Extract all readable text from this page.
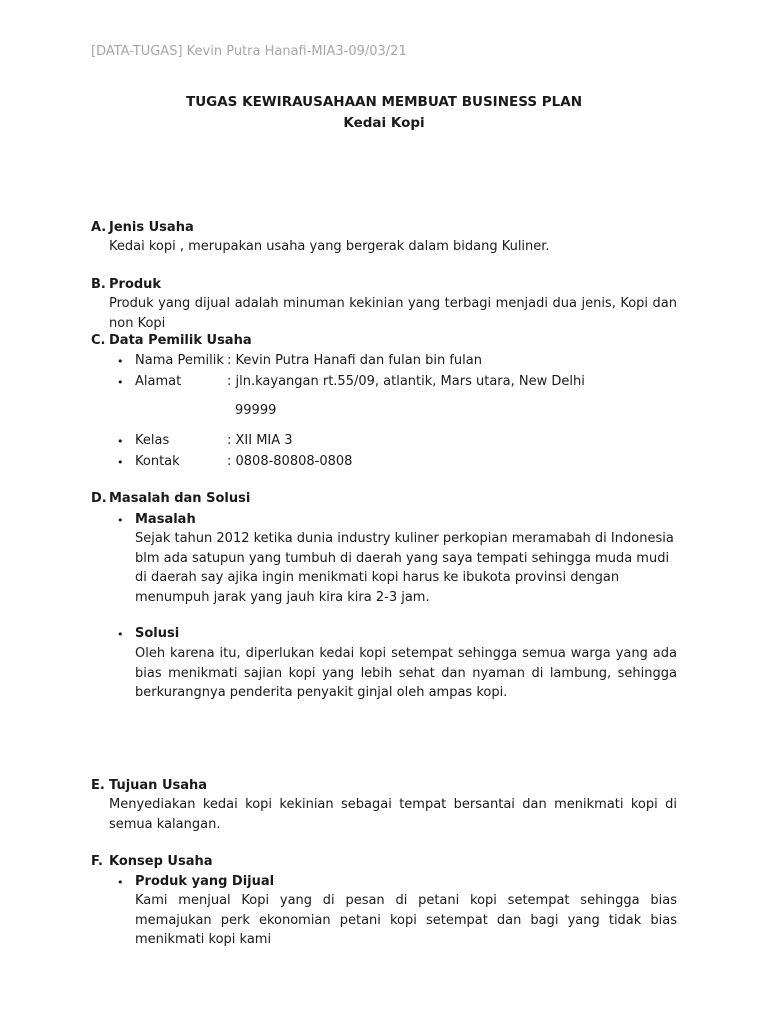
[DATA-TUGAS] Kevin Putra Hanafi-MIA3-09/03/21
TUGAS KEWIRAUSAHAAN MEMBUAT BUSINESS PLAN
Kedai Kopi
A. Jenis Usaha
Kedai kopi , merupakan usaha yang bergerak dalam bidang Kuliner.
B. Produk
Produk yang dijual adalah minuman kekinian yang terbagi menjadi dua jenis, Kopi dan non Kopi
C. Data Pemilik Usaha
• Nama Pemilik : Kevin Putra Hanafi dan fulan bin fulan
• Alamat	: jln.kayangan rt.55/09, atlantik, Mars utara, New Delhi
99999
• Kelas	: XII MIA 3
• Kontak	: 0808-80808-0808
D. Masalah dan Solusi
• Masalah
Sejak tahun 2012 ketika dunia industry kuliner perkopian meramabah di Indonesia blm ada satupun yang tumbuh di daerah yang saya tempati sehingga muda mudi di daerah say ajika ingin menikmati kopi harus ke ibukota provinsi dengan menumpuh jarak yang jauh kira kira 2-3 jam.
• Solusi
Oleh karena itu, diperlukan kedai kopi setempat sehingga semua warga yang ada bias menikmati sajian kopi yang lebih sehat dan nyaman di lambung, sehingga berkurangnya penderita penyakit ginjal oleh ampas kopi.
E. Tujuan Usaha
Menyediakan kedai kopi kekinian sebagai tempat bersantai dan menikmati kopi di semua kalangan.
F. Konsep Usaha
• Produk yang Dijual
Kami menjual Kopi yang di pesan di petani kopi setempat sehingga bias memajukan perk ekonomian petani kopi setempat dan bagi yang tidak bias menikmati kopi kami
